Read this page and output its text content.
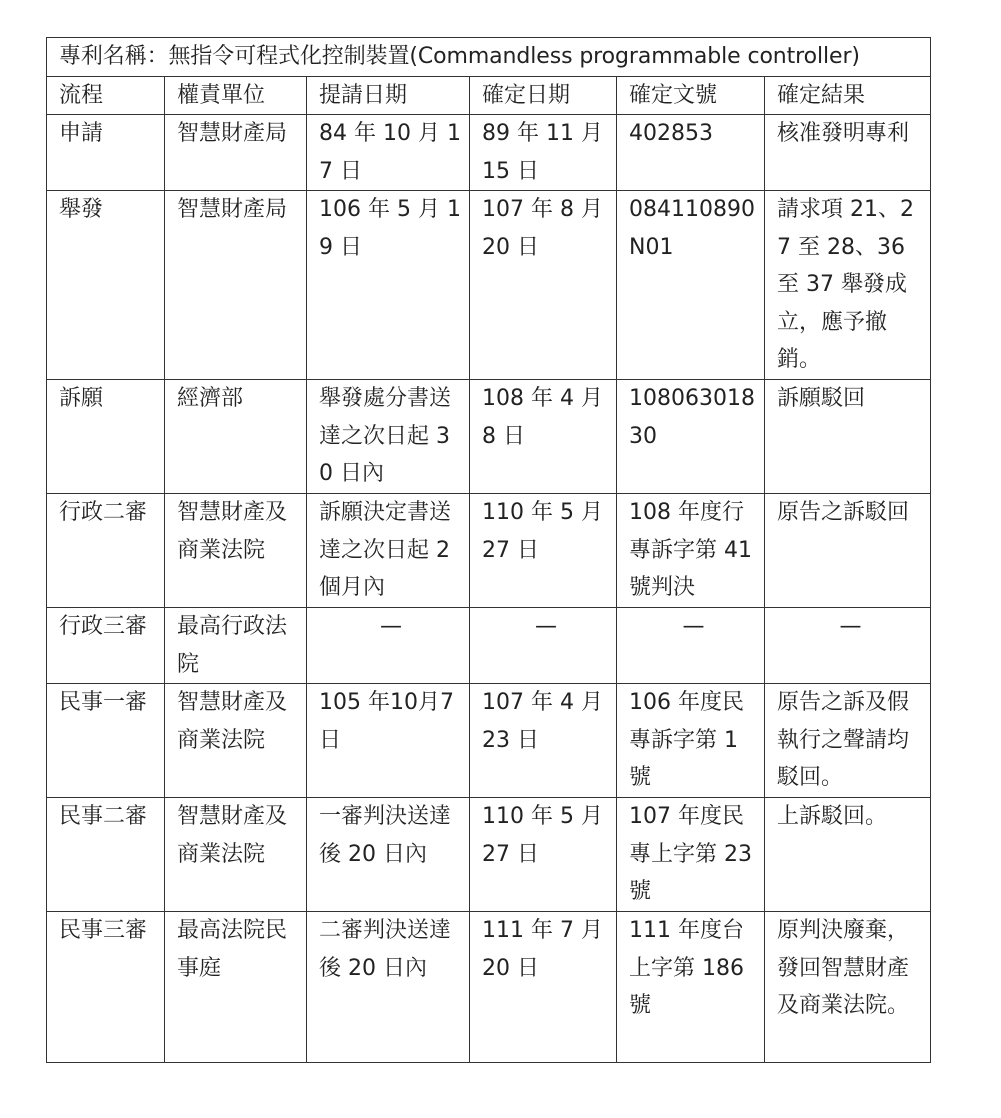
專利名稱：無指令可程式化控制裝置(Commandless programmable controller)					
流程	權責單位	提請日期	確定日期	確定文號	確定結果
申請	智慧財產局	84 年 10 月 17 日	89 年 11 月 15 日	402853	核准發明專利
舉發	智慧財產局	106 年 5 月 19 日	107 年 8 月 20 日	084110890N01	請求項 21、27 至 28、36 至 37 舉發成立，應予撤銷。
訴願	經濟部	舉發處分書送達之次日起 30 日內	108 年 4 月 8 日	10806301830	訴願駁回
行政二審	智慧財產及商業法院	訴願決定書送達之次日起 2 個月內	110 年 5 月 27 日	108 年度行專訴字第 41 號判決	原告之訴駁回
行政三審	最高行政法院	—	—	—	—
民事一審	智慧財產及商業法院	105 年10月7 日	107 年 4 月 23 日	106 年度民專訴字第 1 號	原告之訴及假執行之聲請均駁回。
民事二審	智慧財產及商業法院	一審判決送達後 20 日內	110 年 5 月 27 日	107 年度民專上字第 23 號	上訴駁回。
民事三審	最高法院民事庭	二審判決送達後 20 日內	111 年 7 月 20 日	111 年度台上字第 186 號	原判決廢棄，發回智慧財產及商業法院。
